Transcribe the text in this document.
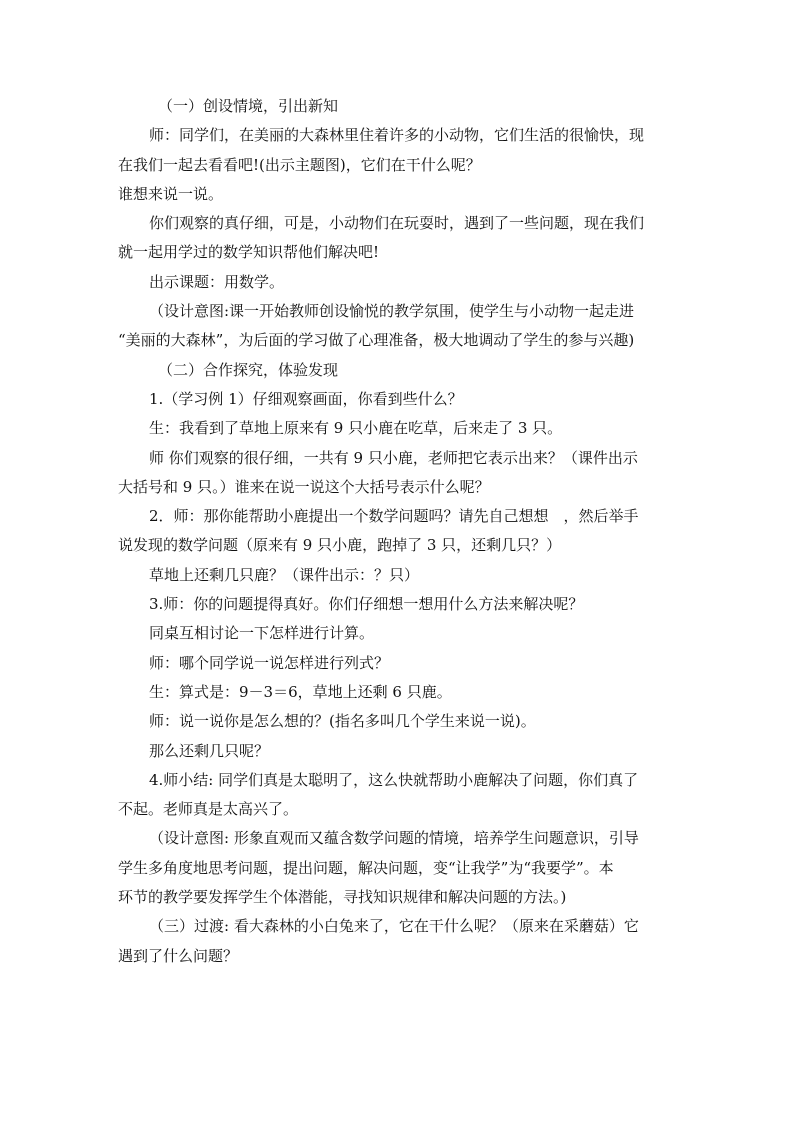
（一）创设情境，引出新知
师：同学们，在美丽的大森林里住着许多的小动物，它们生活的很愉快，现
在我们一起去看看吧!(出示主题图)，它们在干什么呢？
谁想来说一说。
你们观察的真仔细，可是，小动物们在玩耍时，遇到了一些问题，现在我们
就一起用学过的数学知识帮他们解决吧!
出示课题：用数学。
（设计意图:课一开始教师创设愉悦的教学氛围，使学生与小动物一起走进
“美丽的大森林”，为后面的学习做了心理准备，极大地调动了学生的参与兴趣)
（二）合作探究，体验发现
1.（学习例 1）仔细观察画面，你看到些什么？
生：我看到了草地上原来有 9 只小鹿在吃草，后来走了 3 只。
师 你们观察的很仔细，一共有 9 只小鹿，老师把它表示出来？（课件出示
大括号和 9 只。）谁来在说一说这个大括号表示什么呢？
2．师：那你能帮助小鹿提出一个数学问题吗？请先自己想想　，然后举手
说发现的数学问题（原来有 9 只小鹿，跑掉了 3 只，还剩几只？）
草地上还剩几只鹿？（课件出示：？只）
3.师：你的问题提得真好。你们仔细想一想用什么方法来解决呢？
同桌互相讨论一下怎样进行计算。
师：哪个同学说一说怎样进行列式？
生：算式是：9－3＝6，草地上还剩 6 只鹿。
师：说一说你是怎么想的？(指名多叫几个学生来说一说)。
那么还剩几只呢？
4.师小结: 同学们真是太聪明了，这么快就帮助小鹿解决了问题，你们真了
不起。老师真是太高兴了。
（设计意图: 形象直观而又蕴含数学问题的情境，培养学生问题意识，引导
学生多角度地思考问题，提出问题，解决问题，变“让我学”为“我要学”。本
环节的教学要发挥学生个体潜能，寻找知识规律和解决问题的方法。)
（三）过渡: 看大森林的小白兔来了，它在干什么呢？（原来在采蘑菇）它
遇到了什么问题？
